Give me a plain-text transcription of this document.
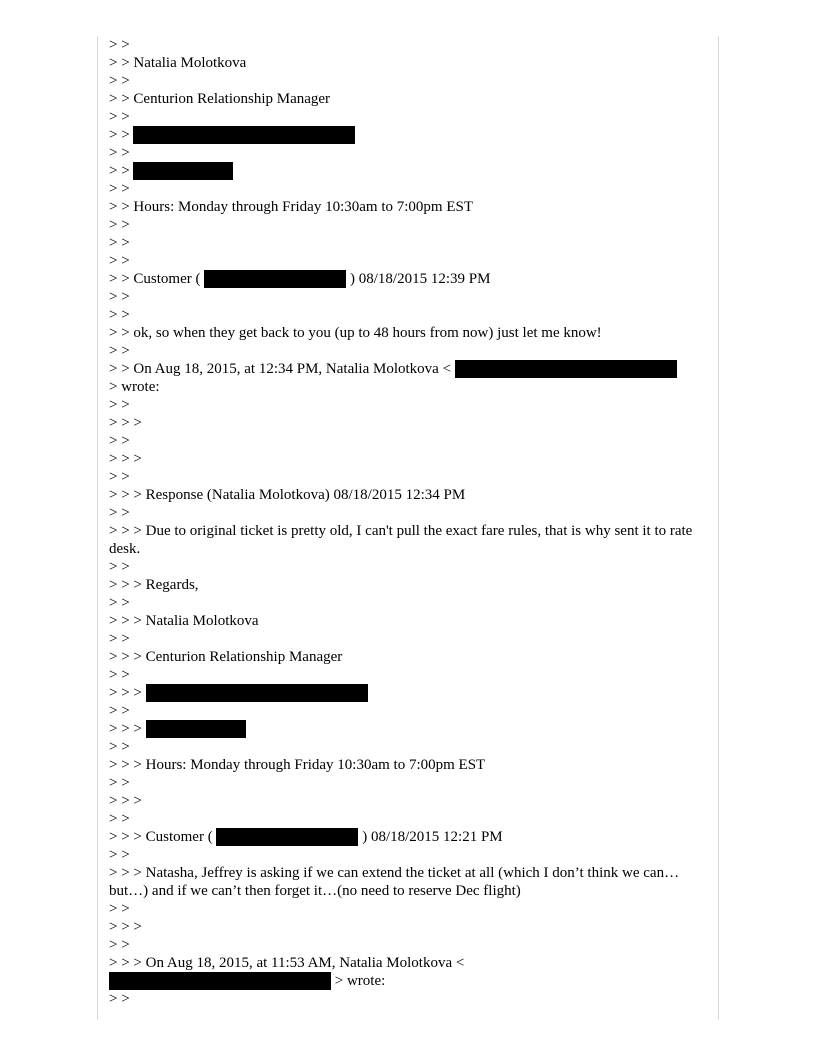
> >
> > Natalia Molotkova
> >
> > Centurion Relationship Manager
> >
> >
> >
> >
> >
> > Hours: Monday through Friday 10:30am to 7:00pm EST
> >
> >
> >
> > Customer (	) 08/18/2015 12:39 PM
> >
> >
> > ok, so when they get back to you (up to 48 hours from now) just let me know!
> >
> > On Aug 18, 2015, at 12:34 PM, Natalia Molotkova <
> wrote:
> >
> > >
> >
> > >
> >
> > > Response (Natalia Molotkova) 08/18/2015 12:34 PM
> >
> > > Due to original ticket is pretty old, I can't pull the exact fare rules, that is why sent it to rate desk.
> >
> > > Regards,
> >
> > > Natalia Molotkova
> >
> > > Centurion Relationship Manager
> >
> > >
> >
> > >
> >
> > > Hours: Monday through Friday 10:30am to 7:00pm EST
> >
> > >
> >
> > > Customer (	) 08/18/2015 12:21 PM
> >
> > > Natasha, Jeffrey is asking if we can extend the ticket at all (which I don’t think we can…but…) and if we can’t then forget it…(no need to reserve Dec flight)
> >
> > >
> >
> > > On Aug 18, 2015, at 11:53 AM, Natalia Molotkova <
> wrote:
> >
